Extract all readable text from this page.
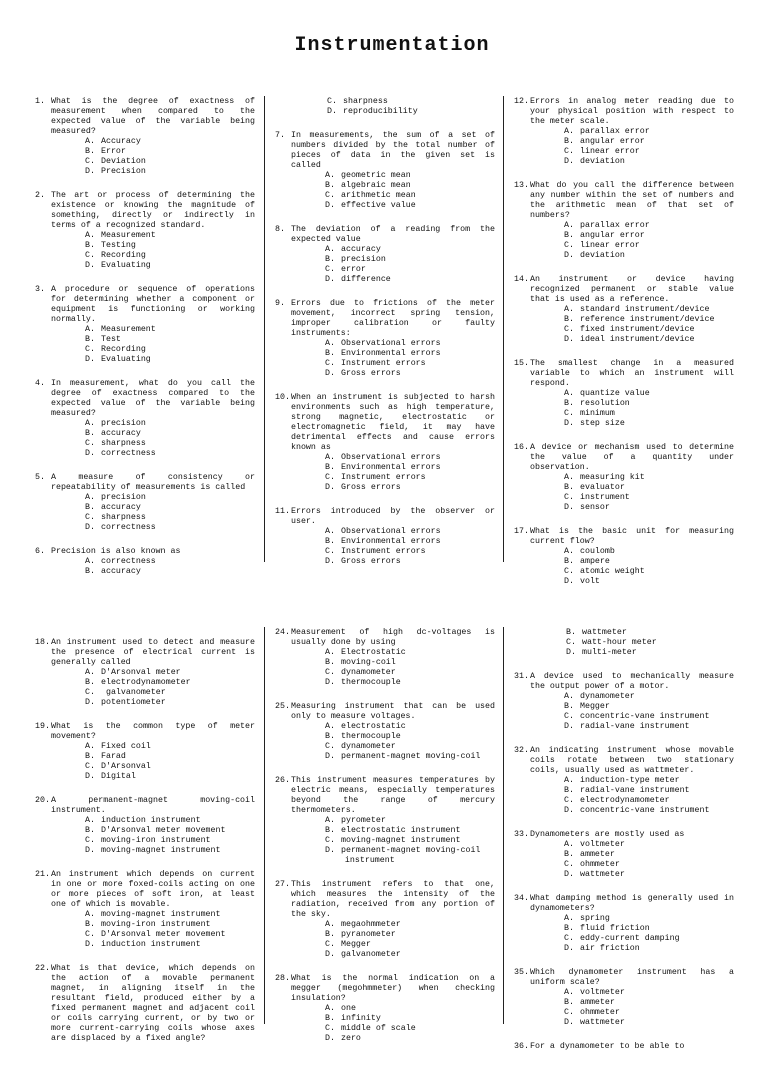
Instrumentation
1. What is the degree of exactness of measurement when compared to the expected value of the variable being measured?
A. Accuracy
B. Error
C. Deviation
D. Precision
2. The art or process of determining the existence or knowing the magnitude of something, directly or indirectly in terms of a recognized standard.
A. Measurement
B. Testing
C. Recording
D. Evaluating
3. A procedure or sequence of operations for determining whether a component or equipment is functioning or working normally.
A. Measurement
B. Test
C. Recording
D. Evaluating
4. In measurement, what do you call the degree of exactness compared to the expected value of the variable being measured?
A. precision
B. accuracy
C. sharpness
D. correctness
5. A measure of consistency or repeatability of measurements is called
A. precision
B. accuracy
C. sharpness
D. correctness
6. Precision is also known as
A. correctness
B. accuracy
C. sharpness
D. reproducibility
7. In measurements, the sum of a set of numbers divided by the total number of pieces of data in the given set is called
A. geometric mean
B. algebraic mean
C. arithmetic mean
D. effective value
8. The deviation of a reading from the expected value
A. accuracy
B. precision
C. error
D. difference
9. Errors due to frictions of the meter movement, incorrect spring tension, improper calibration or faulty instruments:
A. Observational errors
B. Environmental errors
C. Instrument errors
D. Gross errors
10. When an instrument is subjected to harsh environments such as high temperature, strong magnetic, electrostatic or electromagnetic field, it may have detrimental effects and cause errors known as
A. Observational errors
B. Environmental errors
C. Instrument errors
D. Gross errors
11. Errors introduced by the observer or user.
A. Observational errors
B. Environmental errors
C. Instrument errors
D. Gross errors
12. Errors in analog meter reading due to your physical position with respect to the meter scale.
A. parallax error
B. angular error
C. linear error
D. deviation
13. What do you call the difference between any number within the set of numbers and the arithmetic mean of that set of numbers?
A. parallax error
B. angular error
C. linear error
D. deviation
14. An instrument or device having recognized permanent or stable value that is used as a reference.
A. standard instrument/device
B. reference instrument/device
C. fixed instrument/device
D. ideal instrument/device
15. The smallest change in a measured variable to which an instrument will respond.
A. quantize value
B. resolution
C. minimum
D. step size
16. A device or mechanism used to determine the value of a quantity under observation.
A. measuring kit
B. evaluator
C. instrument
D. sensor
17. What is the basic unit for measuring current flow?
A. coulomb
B. ampere
C. atomic weight
D. volt
18. An instrument used to detect and measure the presence of electrical current is generally called
A. D'Arsonval meter
B. electrodynamometer
C. galvanometer
D. potentiometer
19. What is the common type of meter movement?
A. Fixed coil
B. Farad
C. D'Arsonval
D. Digital
20. A permanent-magnet moving-coil instrument.
A. induction instrument
B. D'Arsonval meter movement
C. moving-iron instrument
D. moving-magnet instrument
21. An instrument which depends on current in one or more foxed-coils acting on one or more pieces of soft iron, at least one of which is movable.
A. moving-magnet instrument
B. moving-iron instrument
C. D'Arsonval meter movement
D. induction instrument
22. What is that device, which depends on the action of a movable permanent magnet, in aligning itself in the resultant field, produced either by a fixed permanent magnet and adjacent coil or coils carrying current, or by two or more current-carrying coils whose axes are displaced by a fixed angle?
24. Measurement of high dc-voltages is usually done by using
A. Electrostatic
B. moving-coil
C. dynamometer
D. thermocouple
25. Measuring instrument that can be used only to measure voltages.
A. electrostatic
B. thermocouple
C. dynamometer
D. permanent-magnet moving-coil
26. This instrument measures temperatures by electric means, especially temperatures beyond the range of mercury thermometers.
A. pyrometer
B. electrostatic instrument
C. moving-magnet instrument
D. permanent-magnet moving-coil
instrument
27. This instrument refers to that one, which measures the intensity of the radiation, received from any portion of the sky.
A. megaohmmeter
B. pyranometer
C. Megger
D. galvanometer
28. What is the normal indication on a megger (megohmmeter) when checking insulation?
A. one
B. infinity
C. middle of scale
D. zero
B. wattmeter
C. watt-hour meter
D. multi-meter
31. A device used to mechanically measure the output power of a motor.
A. dynamometer
B. Megger
C. concentric-vane instrument
D. radial-vane instrument
32. An indicating instrument whose movable coils rotate between two stationary coils, usually used as wattmeter.
A. induction-type meter
B. radial-vane instrument
C. electrodynamometer
D. concentric-vane instrument
33. Dynamometers are mostly used as
A. voltmeter
B. ammeter
C. ohmmeter
D. wattmeter
34. What damping method is generally used in dynamometers?
A. spring
B. fluid friction
C. eddy-current damping
D. air friction
35. Which dynamometer instrument has a uniform scale?
A. voltmeter
B. ammeter
C. ohmmeter
D. wattmeter
36. For a dynamometer to be able to
